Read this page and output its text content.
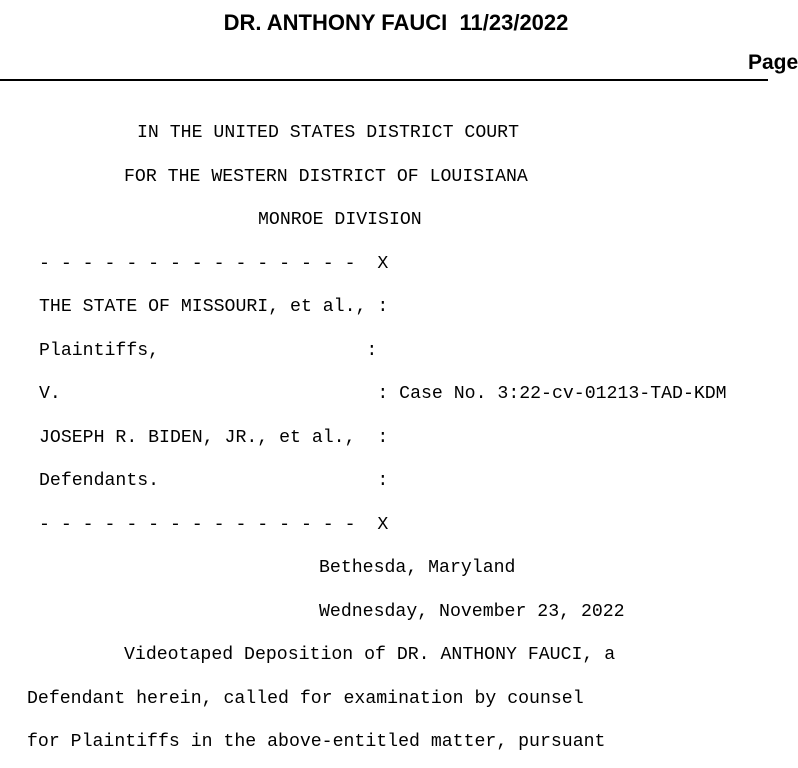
DR. ANTHONY FAUCI  11/23/2022
Page
IN THE UNITED STATES DISTRICT COURT
FOR THE WESTERN DISTRICT OF LOUISIANA
MONROE DIVISION
- - - - - - - - - - - - - - -  X
THE STATE OF MISSOURI, et al., :
Plaintiffs,                   :
V.                             : Case No. 3:22-cv-01213-TAD-KDM
JOSEPH R. BIDEN, JR., et al.,  :
Defendants.                    :
- - - - - - - - - - - - - - -  X
Bethesda, Maryland
Wednesday, November 23, 2022
Videotaped Deposition of DR. ANTHONY FAUCI, a
Defendant herein, called for examination by counsel
for Plaintiffs in the above-entitled matter, pursuant
